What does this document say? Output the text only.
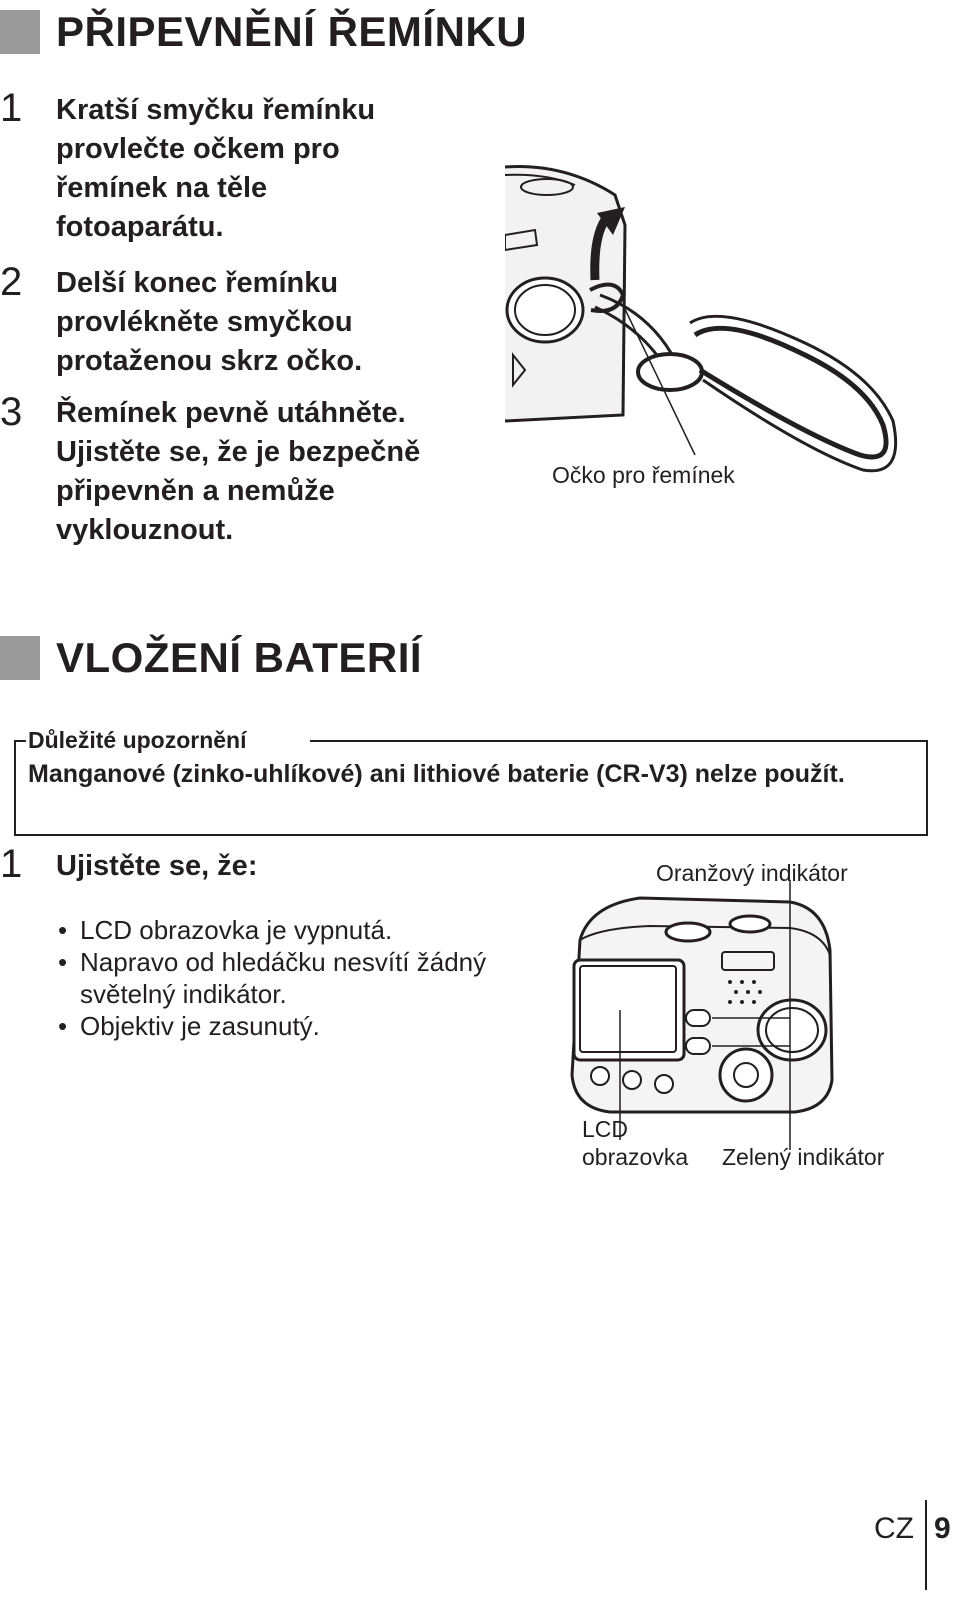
PŘIPEVNĚNÍ ŘEMÍNKU
1 Kratší smyčku řemínku
provlečte očkem pro
řemínek na těle
fotoaparátu.
2 Delší konec řemínku
provlékněte smyčkou
protaženou skrz očko.
3 Řemínek pevně utáhněte.
Ujistěte se, že je bezpečně
připevněn a nemůže
vyklouznout.
Očko pro řemínek
VLOŽENÍ BATERIÍ
Důležité upozornění
Manganové (zinko-uhlíkové) ani lithiové baterie (CR-V3) nelze použít.
1 Ujistěte se, že:
• LCD obrazovka je vypnutá.
• Napravo od hledáčku nesvítí žádný
světelný indikátor.
• Objektiv je zasunutý.
Oranžový indikátor
LCD
obrazovka Zelený indikátor
CZ 9
